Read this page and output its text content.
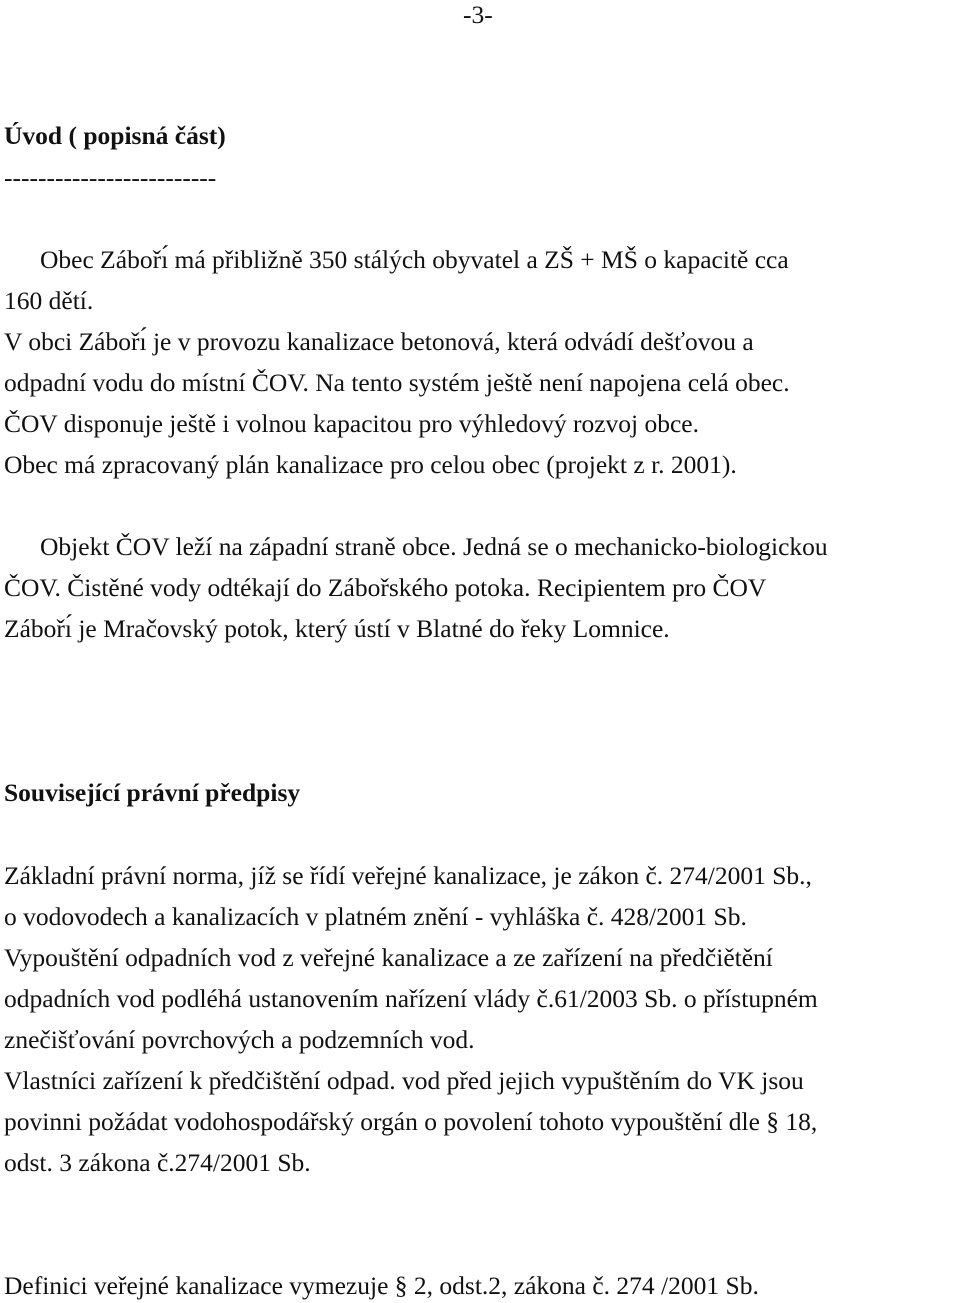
-3-
Úvod ( popisná část)
-------------------------
Obec Zábořı́ má přibližně 350 stálých obyvatel a ZŠ + MŠ o kapacitě cca
160 dětí.
V obci Zábořı́ je v provozu kanalizace betonová, která odvádí dešťovou a
odpadní vodu do místní ČOV. Na tento systém ještě není napojena celá obec.
ČOV disponuje ještě i volnou kapacitou pro výhledový rozvoj obce.
Obec má zpracovaný plán kanalizace pro celou obec (projekt z r. 2001).
Objekt ČOV leží na západní straně obce. Jedná se o mechanicko-biologickou
ČOV. Čistěné vody odtékají do Zábořského potoka. Recipientem pro ČOV
Zábořı́ je Mračovský potok, který ústí v Blatné do řeky Lomnice.
Související právní předpisy
Základní právní norma, jíž se řídí veřejné kanalizace, je zákon č. 274/2001 Sb.,
o vodovodech a kanalizacích v platném znění - vyhláška č. 428/2001 Sb.
Vypouštění odpadních vod z veřejné kanalizace a ze zařízení na předčiětění
odpadních vod podléhá ustanovením nařízení vlády č.61/2003 Sb. o přístupném
znečišťování povrchových a podzemních vod.
Vlastníci zařízení k předčištění odpad. vod před jejich vypuštěním do VK jsou
povinni požádat vodohospodářský orgán o povolení tohoto vypouštění dle § 18,
odst. 3 zákona č.274/2001 Sb.
Definici veřejné kanalizace vymezuje § 2, odst.2, zákona č. 274 /2001 Sb.
